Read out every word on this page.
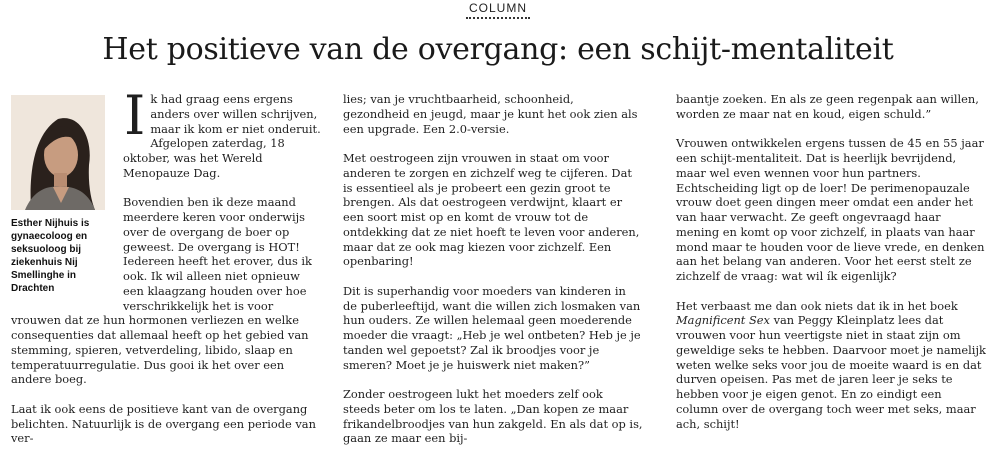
COLUMN
Het positieve van de overgang: een schijt-mentaliteit
Esther Nijhuis is gynaecoloog en seksuoloog bij ziekenhuis Nij Smellinghe in Drachten

Ik had graag eens ergens anders over willen schrijven, maar ik kom er niet onderuit. Afgelopen zaterdag, 18 oktober, was het Wereld Menopauze Dag.

Bovendien ben ik deze maand meerdere keren voor onderwijs over de overgang de boer op geweest. De overgang is HOT! Iedereen heeft het erover, dus ik ook. Ik wil alleen niet opnieuw een klaagzang houden over hoe verschrikkelijk het is voor vrouwen dat ze hun hormonen verliezen en welke consequenties dat allemaal heeft op het gebied van stemming, spieren, vetverdeling, libido, slaap en temperatuurregulatie. Dus gooi ik het over een andere boeg.

Laat ik ook eens de positieve kant van de overgang belichten. Natuurlijk is de overgang een periode van ver-

lies; van je vruchtbaarheid, schoonheid, gezondheid en jeugd, maar je kunt het ook zien als een upgrade. Een 2.0-versie.

Met oestrogeen zijn vrouwen in staat om voor anderen te zorgen en zichzelf weg te cijferen. Dat is essentieel als je probeert een gezin groot te brengen. Als dat oestrogeen verdwijnt, klaart er een soort mist op en komt de vrouw tot de ontdekking dat ze niet hoeft te leven voor anderen, maar dat ze ook mag kiezen voor zichzelf. Een openbaring!

Dit is superhandig voor moeders van kinderen in de puberleeftijd, want die willen zich losmaken van hun ouders. Ze willen helemaal geen moederende moeder die vraagt: „Heb je wel ontbeten? Heb je je tanden wel gepoetst? Zal ik broodjes voor je smeren? Moet je je huiswerk niet maken?”

Zonder oestrogeen lukt het moeders zelf ook steeds beter om los te laten. „Dan kopen ze maar frikandelbroodjes van hun zakgeld. En als dat op is, gaan ze maar een bij-

baantje zoeken. En als ze geen regenpak aan willen, worden ze maar nat en koud, eigen schuld.”

Vrouwen ontwikkelen ergens tussen de 45 en 55 jaar een schijt-mentaliteit. Dat is heerlijk bevrijdend, maar wel even wennen voor hun partners. Echtscheiding ligt op de loer! De perimenopauzale vrouw doet geen dingen meer omdat een ander het van haar verwacht. Ze geeft ongevraagd haar mening en komt op voor zichzelf, in plaats van haar mond maar te houden voor de lieve vrede, en denken aan het belang van anderen. Voor het eerst stelt ze zichzelf de vraag: wat wil ík eigenlijk?

Het verbaast me dan ook niets dat ik in het boek Magnificent Sex van Peggy Kleinplatz lees dat vrouwen voor hun veertigste niet in staat zijn om geweldige seks te hebben. Daarvoor moet je namelijk weten welke seks voor jou de moeite waard is en dat durven opeisen. Pas met de jaren leer je seks te hebben voor je eigen genot. En zo eindigt een column over de overgang toch weer met seks, maar ach, schijt!
